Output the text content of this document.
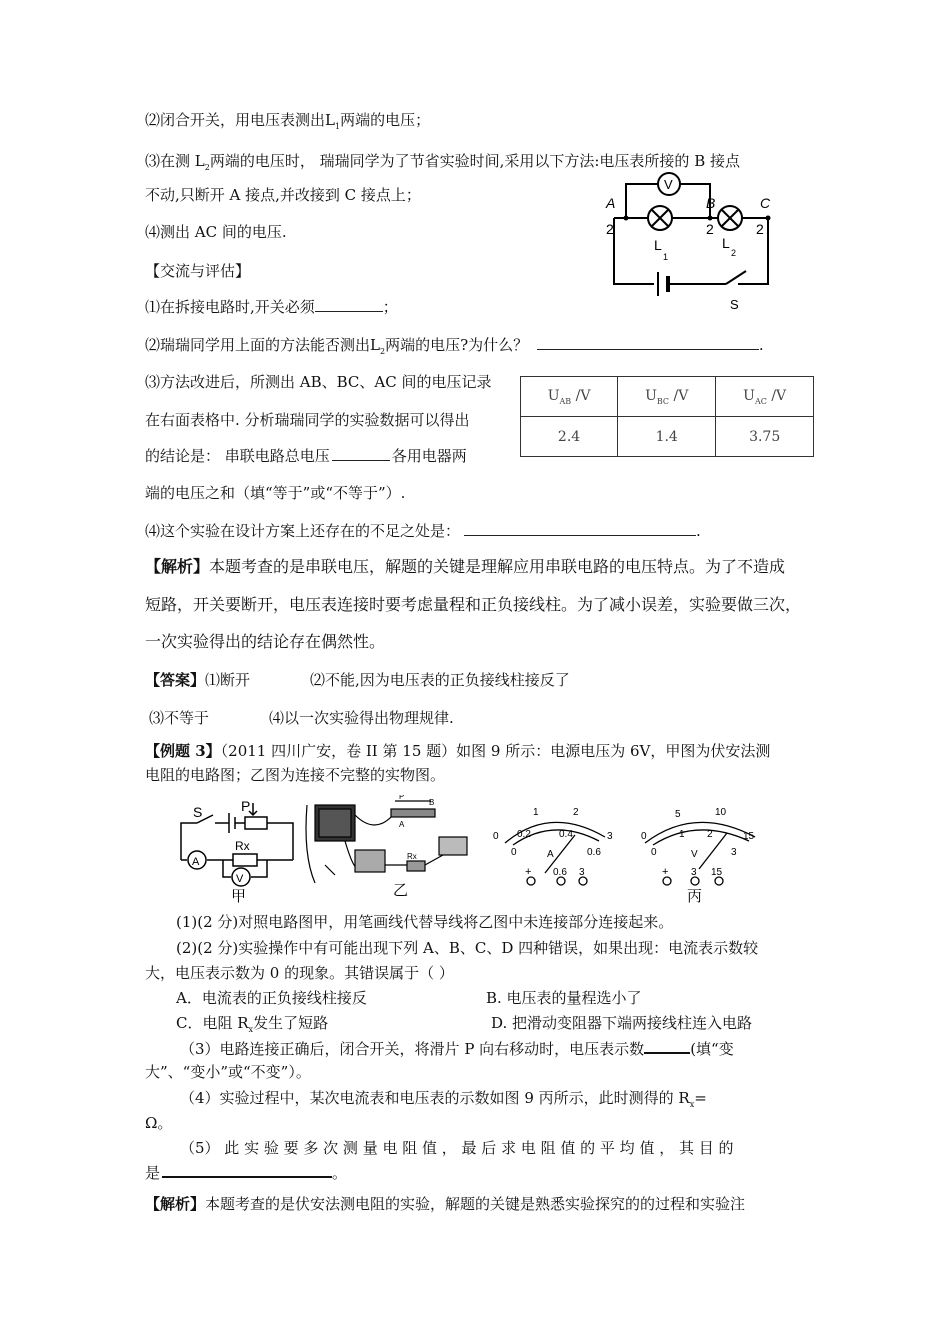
⑵闭合开关，用电压表测出$L_1$两端的电压；
⑶在测 $L_2$两端的电压时， 瑞瑞同学为了节省实验时间,采用以下方法:电压表所接的 B 接点
不动,只断开 A 接点,并改接到 C 接点上；
⑷测出 AC 间的电压.
【交流与评估】
⑴在拆接电路时,开关必须	；
⑵瑞瑞同学用上面的方法能否测出$L_2$两端的电压?为什么？	.
⑶方法改进后，所测出 AB、BC、AC 间的电压记录
在右面表格中. 分析瑞瑞同学的实验数据可以得出
的结论是： 串联电路总电压	各用电器两
端的电压之和（填“等于”或“不等于”）.
⑷这个实验在设计方案上还存在的不足之处是：	.
【解析】本题考查的是串联电压，解题的关键是理解应用串联电路的电压特点。为了不造成
短路，开关要断开，电压表连接时要考虑量程和正负接线柱。为了减小误差，实验要做三次，
一次实验得出的结论存在偶然性。
【答案】⑴断开	⑵不能,因为电压表的正负接线柱接反了
⑶不等于	⑷以一次实验得出物理规律.
【例题 3】（2011 四川广安，卷 II 第 15 题）如图 9 所示：电源电压为 6V，甲图为伏安法测
电阻的电路图；乙图为连接不完整的实物图。
$U_{AB}$ /V	$U_{BC}$ /V	$U_{AC}$ /V
2.4	1.4	3.75
V
A	B	C
2	2	2
L
1
L
2
S
S	P
Rx
A
V
甲
P
B
A
Rx
乙
1	2
0.2	0.4
0	3
0	0.6
A
+ 0.6 3
5	10
1 2
0	15
0	3
V
+ 3 15
丙
(1)(2 分)对照电路图甲，用笔画线代替导线将乙图中未连接部分连接起来。
(2)(2 分)实验操作中有可能出现下列 A、B、C、D 四种错误，如果出现：电流表示数较
大，电压表示数为 0 的现象。其错误属于（ ）
A．电流表的正负接线柱接反	B. 电压表的量程选小了
C．电阻 $R_x$发生了短路	D. 把滑动变阻器下端两接线柱连入电路
（3）电路连接正确后，闭合开关，将滑片 P 向右移动时，电压表示数	(填“变
大”、“变小”或“不变”）。
（4）实验过程中，某次电流表和电压表的示数如图 9 丙所示，此时测得的 $R_x=$
Ω。
（5） 此 实 验 要 多 次 测 量 电 阻 值 ， 最 后 求 电 阻 值 的 平 均 值 ， 其 目 的
是	。
【解析】本题考查的是伏安法测电阻的实验，解题的关键是熟悉实验探究的的过程和实验注
